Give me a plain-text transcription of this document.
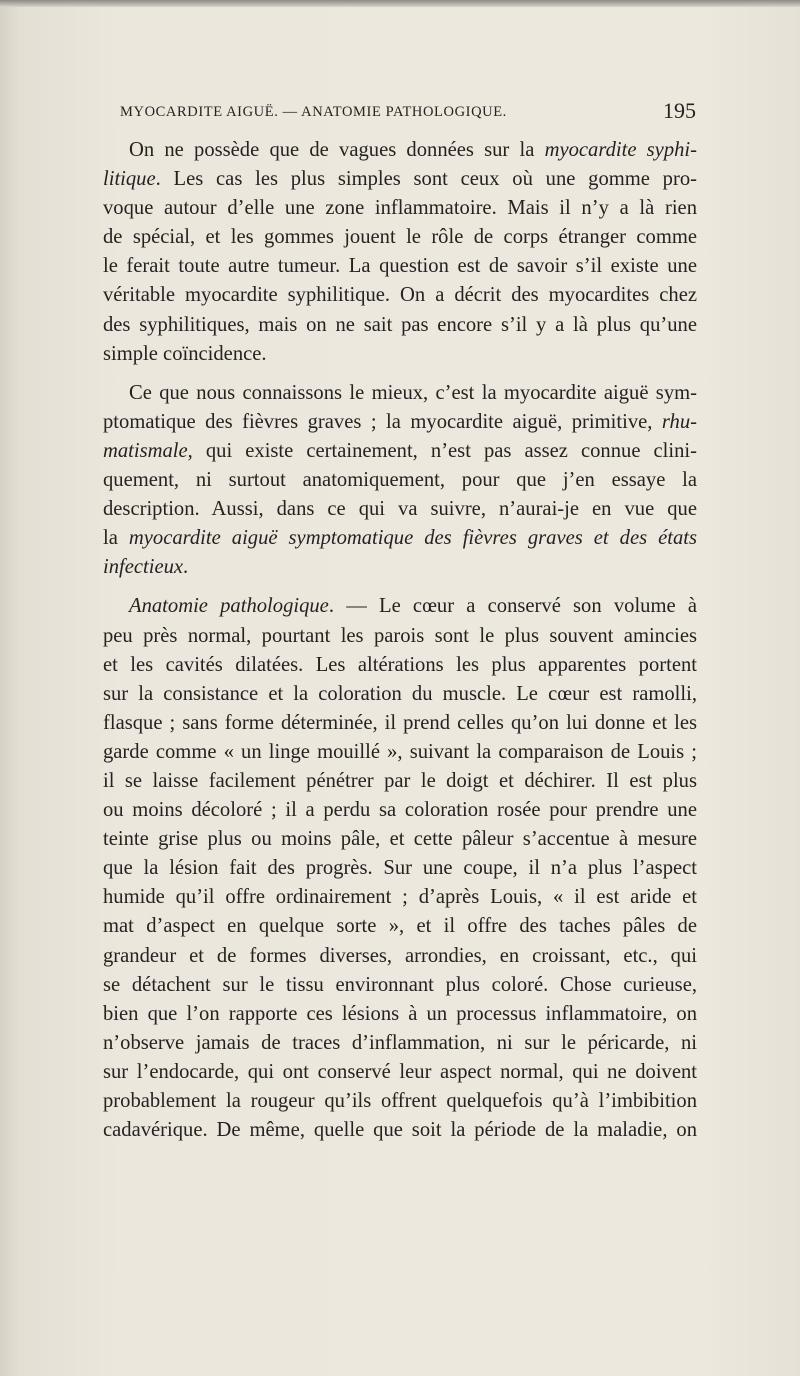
MYOCARDITE AIGUË. — ANATOMIE PATHOLOGIQUE.	195

On ne possède que de vagues données sur la myocardite syphi-
litique. Les cas les plus simples sont ceux où une gomme pro-
voque autour d’elle une zone inflammatoire. Mais il n’y a là rien
de spécial, et les gommes jouent le rôle de corps étranger comme
le ferait toute autre tumeur. La question est de savoir s’il existe une
véritable myocardite syphilitique. On a décrit des myocardites chez
des syphilitiques, mais on ne sait pas encore s’il y a là plus qu’une
simple coïncidence.

Ce que nous connaissons le mieux, c’est la myocardite aiguë sym-
ptomatique des fièvres graves ; la myocardite aiguë, primitive, rhu-
matismale, qui existe certainement, n’est pas assez connue clini-
quement, ni surtout anatomiquement, pour que j’en essaye la
description. Aussi, dans ce qui va suivre, n’aurai-je en vue que
la myocardite aiguë symptomatique des fièvres graves et des états
infectieux.

Anatomie pathologique. — Le cœur a conservé son volume à
peu près normal, pourtant les parois sont le plus souvent amincies
et les cavités dilatées. Les altérations les plus apparentes portent
sur la consistance et la coloration du muscle. Le cœur est ramolli,
flasque ; sans forme déterminée, il prend celles qu’on lui donne et les
garde comme « un linge mouillé », suivant la comparaison de Louis ;
il se laisse facilement pénétrer par le doigt et déchirer. Il est plus
ou moins décoloré ; il a perdu sa coloration rosée pour prendre une
teinte grise plus ou moins pâle, et cette pâleur s’accentue à mesure
que la lésion fait des progrès. Sur une coupe, il n’a plus l’aspect
humide qu’il offre ordinairement ; d’après Louis, « il est aride et
mat d’aspect en quelque sorte », et il offre des taches pâles de
grandeur et de formes diverses, arrondies, en croissant, etc., qui
se détachent sur le tissu environnant plus coloré. Chose curieuse,
bien que l’on rapporte ces lésions à un processus inflammatoire, on
n’observe jamais de traces d’inflammation, ni sur le péricarde, ni
sur l’endocarde, qui ont conservé leur aspect normal, qui ne doivent
probablement la rougeur qu’ils offrent quelquefois qu’à l’imbibition
cadavérique. De même, quelle que soit la période de la maladie, on
